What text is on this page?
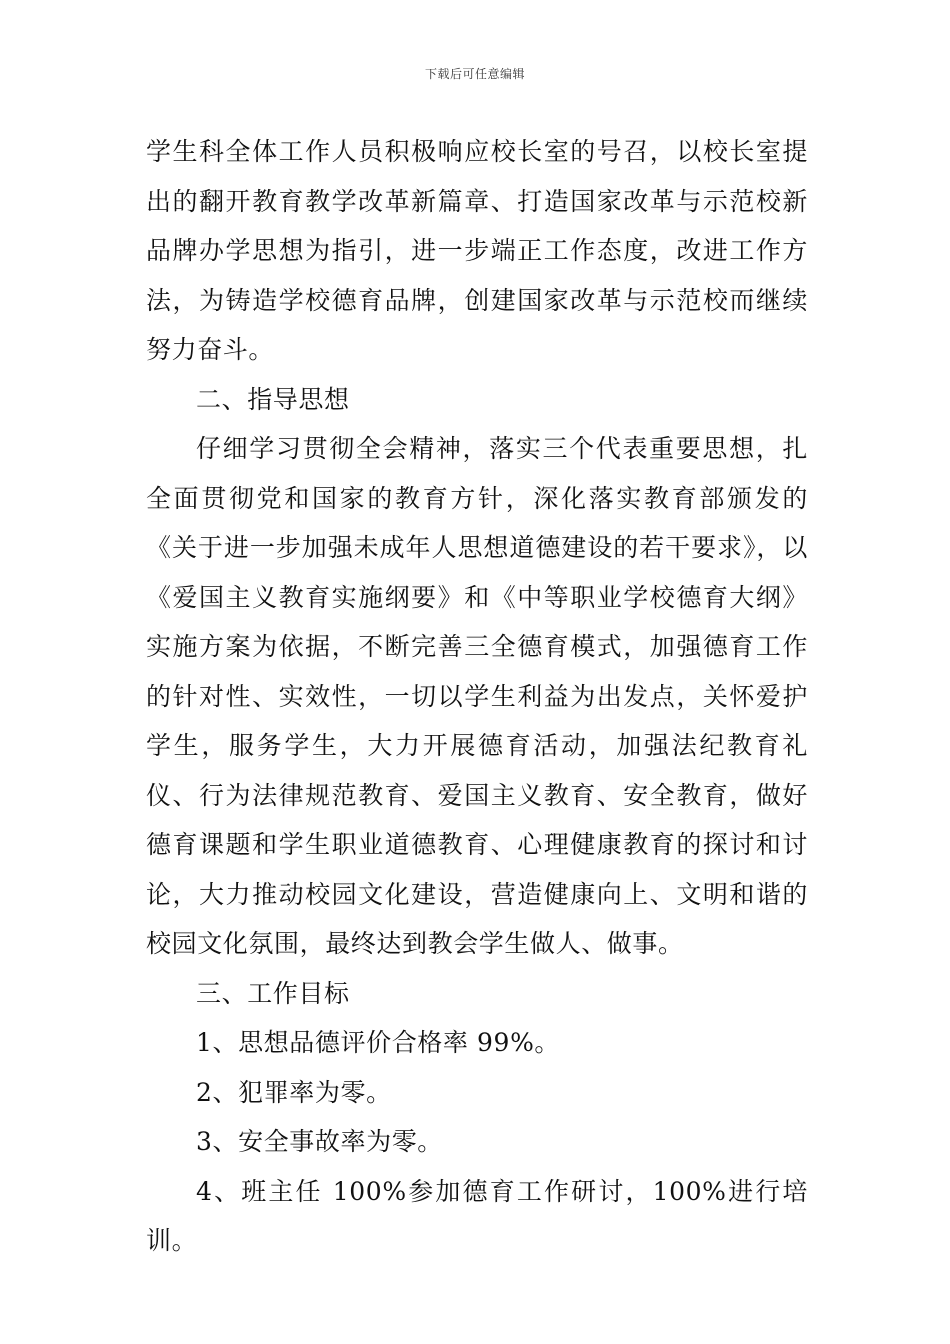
下载后可任意编辑

学生科全体工作人员积极响应校长室的号召，以校长室提出的翻开教育教学改革新篇章、打造国家改革与示范校新品牌办学思想为指引，进一步端正工作态度，改进工作方法，为铸造学校德育品牌，创建国家改革与示范校而继续努力奋斗。

二、指导思想

仔细学习贯彻全会精神，落实三个代表重要思想，扎全面贯彻党和国家的教育方针，深化落实教育部颁发的《关于进一步加强未成年人思想道德建设的若干要求》，以《爱国主义教育实施纲要》和《中等职业学校德育大纲》实施方案为依据，不断完善三全德育模式，加强德育工作的针对性、实效性，一切以学生利益为出发点，关怀爱护学生，服务学生，大力开展德育活动，加强法纪教育礼仪、行为法律规范教育、爱国主义教育、安全教育，做好德育课题和学生职业道德教育、心理健康教育的探讨和讨论，大力推动校园文化建设，营造健康向上、文明和谐的校园文化氛围，最终达到教会学生做人、做事。

三、工作目标

1、思想品德评价合格率 99%。

2、犯罪率为零。

3、安全事故率为零。

4、班主任 100%参加德育工作研讨，100%进行培训。
